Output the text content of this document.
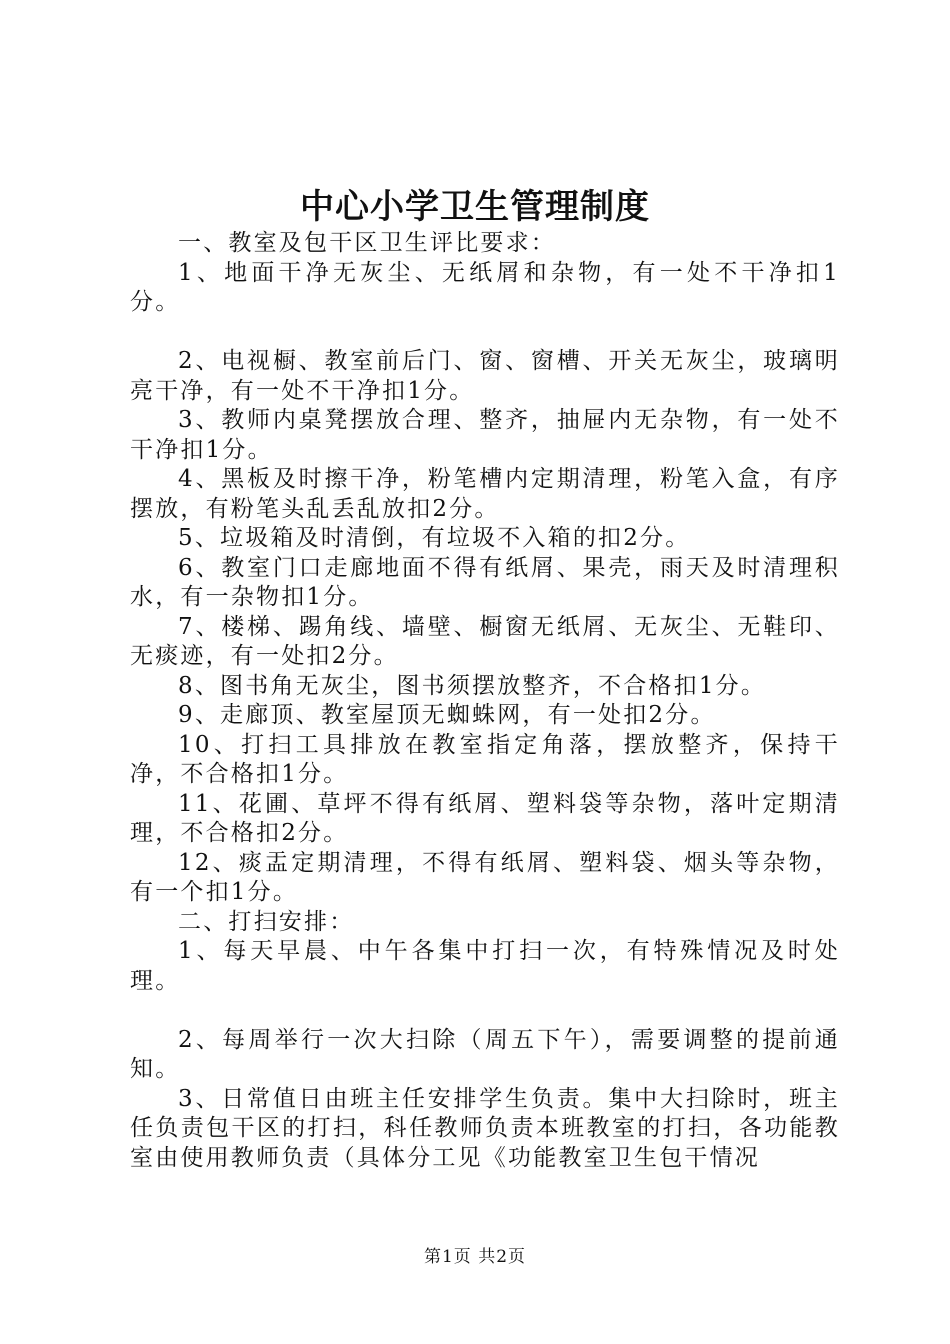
中心小学卫生管理制度

一、教室及包干区卫生评比要求：

1、地面干净无灰尘、无纸屑和杂物，有一处不干净扣1分。

2、电视橱、教室前后门、窗、窗槽、开关无灰尘，玻璃明亮干净，有一处不干净扣1分。

3、教师内桌凳摆放合理、整齐，抽屉内无杂物，有一处不干净扣1分。

4、黑板及时擦干净，粉笔槽内定期清理，粉笔入盒，有序摆放，有粉笔头乱丢乱放扣2分。

5、垃圾箱及时清倒，有垃圾不入箱的扣2分。

6、教室门口走廊地面不得有纸屑、果壳，雨天及时清理积水，有一杂物扣1分。

7、楼梯、踢角线、墙壁、橱窗无纸屑、无灰尘、无鞋印、无痰迹，有一处扣2分。

8、图书角无灰尘，图书须摆放整齐，不合格扣1分。

9、走廊顶、教室屋顶无蜘蛛网，有一处扣2分。

10、打扫工具排放在教室指定角落，摆放整齐，保持干净，不合格扣1分。

11、花圃、草坪不得有纸屑、塑料袋等杂物，落叶定期清理，不合格扣2分。

12、痰盂定期清理，不得有纸屑、塑料袋、烟头等杂物，有一个扣1分。

二、打扫安排：

1、每天早晨、中午各集中打扫一次，有特殊情况及时处理。

2、每周举行一次大扫除（周五下午），需要调整的提前通知。

3、日常值日由班主任安排学生负责。集中大扫除时，班主任负责包干区的打扫，科任教师负责本班教室的打扫，各功能教室由使用教师负责（具体分工见《功能教室卫生包干情况

第1页 共2页
